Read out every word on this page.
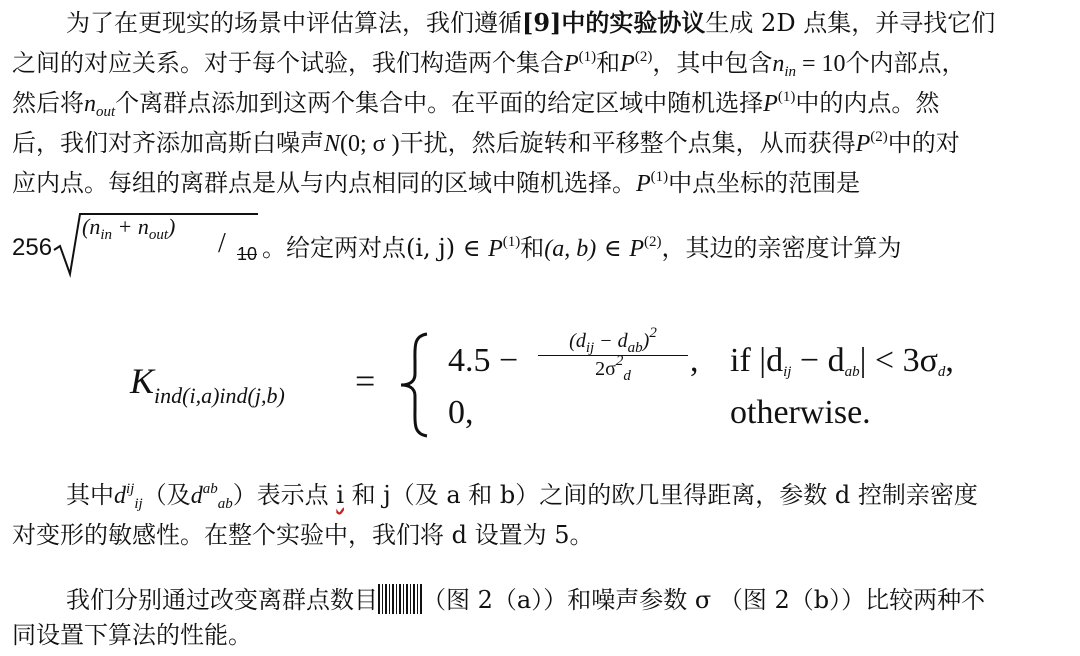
为了在更现实的场景中评估算法，我们遵循[9]中的实验协议生成 2D 点集，并寻找它们
之间的对应关系。对于每个试验，我们构造两个集合$P^{(1)}$和$P^{(2)}$，其中包含$n_{in} = 10$个内部点，
然后将$n_{out}$个离群点添加到这两个集合中。在平面的给定区域中随机选择$P^{(1)}$中的内点。然
后，我们对齐添加高斯白噪声N(0; σ )干扰，然后旋转和平移整个点集，从而获得$P^{(2)}$中的对
应内点。每组的离群点是从与内点相同的区域中随机选择。$P^{(1)}$中点坐标的范围是
256
$(n_{in} + n_{out})$
/ 10 。给定两对点(i, j) ∈ $P^{(1)}$和(a, b) ∈ $P^{(2)}$，其边的亲密度计算为
$K_{ind(i,a)ind(j,b)}$ =
4.5 −
$(d_{ij} - d_{ab})^2$
$2\sigma^2_d$	, if $|d_{ij} - d_{ab}| < 3\sigma_d$,
0,	otherwise.
其中$d^{ij}_{ij}$（及$d^{ab}_{ab}$）表示点 i 和 j（及 a 和 b）之间的欧几里得距离，参数 d 控制亲密度
对变形的敏感性。在整个实验中，我们将 d 设置为 5。
我们分别通过改变离群点数目 （图 2（a））和噪声参数 σ （图 2（b））比较两种不
同设置下算法的性能。
